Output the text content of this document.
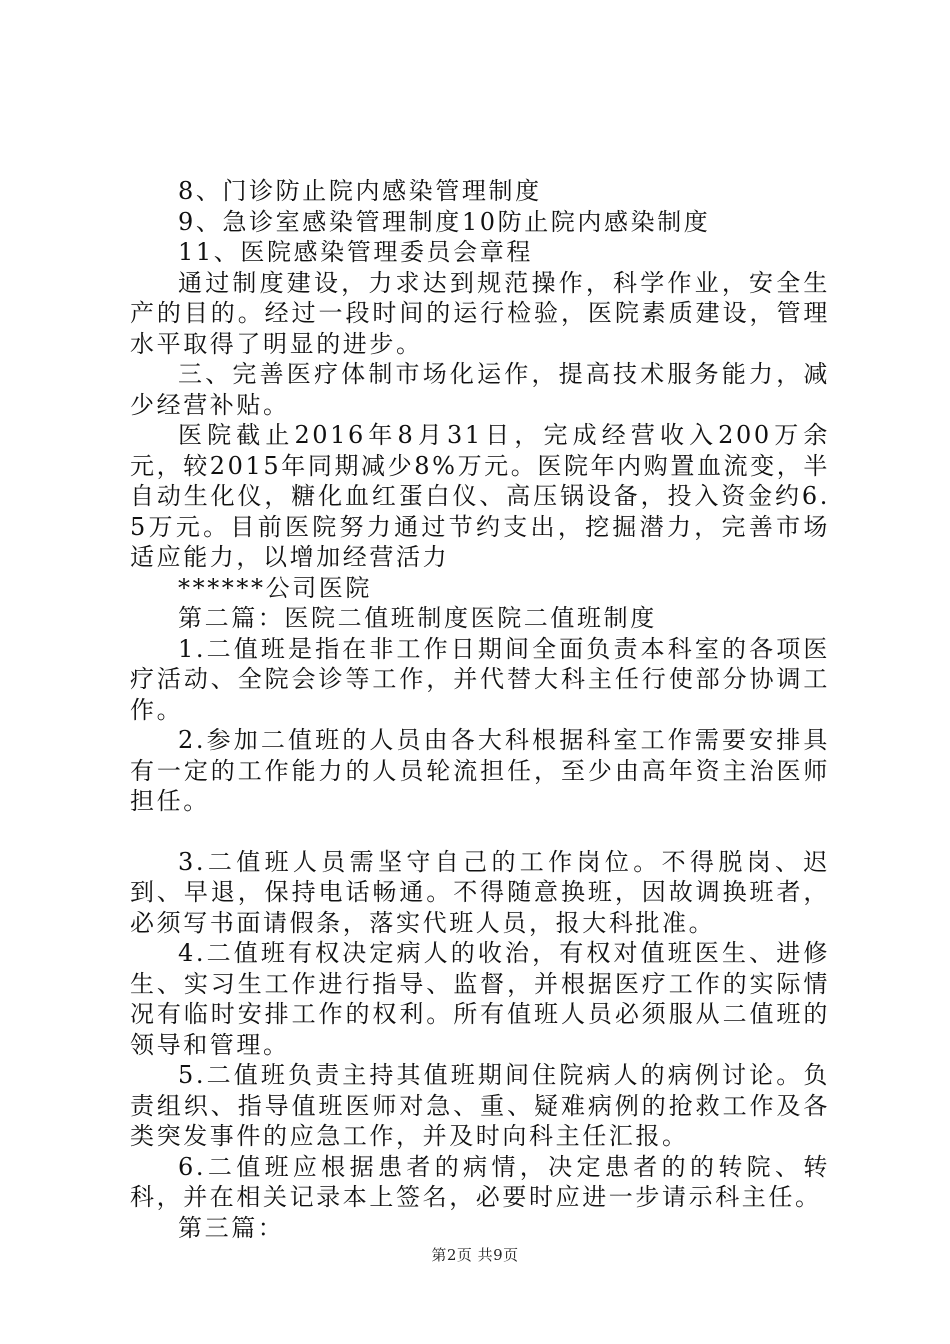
8、门诊防止院内感染管理制度

9、急诊室感染管理制度10防止院内感染制度

11、医院感染管理委员会章程

通过制度建设，力求达到规范操作，科学作业，安全生产的目的。经过一段时间的运行检验，医院素质建设，管理水平取得了明显的进步。

三、完善医疗体制市场化运作，提高技术服务能力，减少经营补贴。

医院截止2016年8月31日，完成经营收入200万余元，较2015年同期减少8%万元。医院年内购置血流变，半自动生化仪，糖化血红蛋白仪、高压锅设备，投入资金约6.5万元。目前医院努力通过节约支出，挖掘潜力，完善市场适应能力，以增加经营活力

******公司医院

第二篇：医院二值班制度医院二值班制度

1.二值班是指在非工作日期间全面负责本科室的各项医疗活动、全院会诊等工作，并代替大科主任行使部分协调工作。

2.参加二值班的人员由各大科根据科室工作需要安排具有一定的工作能力的人员轮流担任，至少由高年资主治医师担任。

3.二值班人员需坚守自己的工作岗位。不得脱岗、迟到、早退，保持电话畅通。不得随意换班，因故调换班者，必须写书面请假条，落实代班人员，报大科批准。

4.二值班有权决定病人的收治，有权对值班医生、进修生、实习生工作进行指导、监督，并根据医疗工作的实际情况有临时安排工作的权利。所有值班人员必须服从二值班的领导和管理。

5.二值班负责主持其值班期间住院病人的病例讨论。负责组织、指导值班医师对急、重、疑难病例的抢救工作及各类突发事件的应急工作，并及时向科主任汇报。

6.二值班应根据患者的病情，决定患者的的转院、转科，并在相关记录本上签名，必要时应进一步请示科主任。

第三篇：

第2页 共9页
